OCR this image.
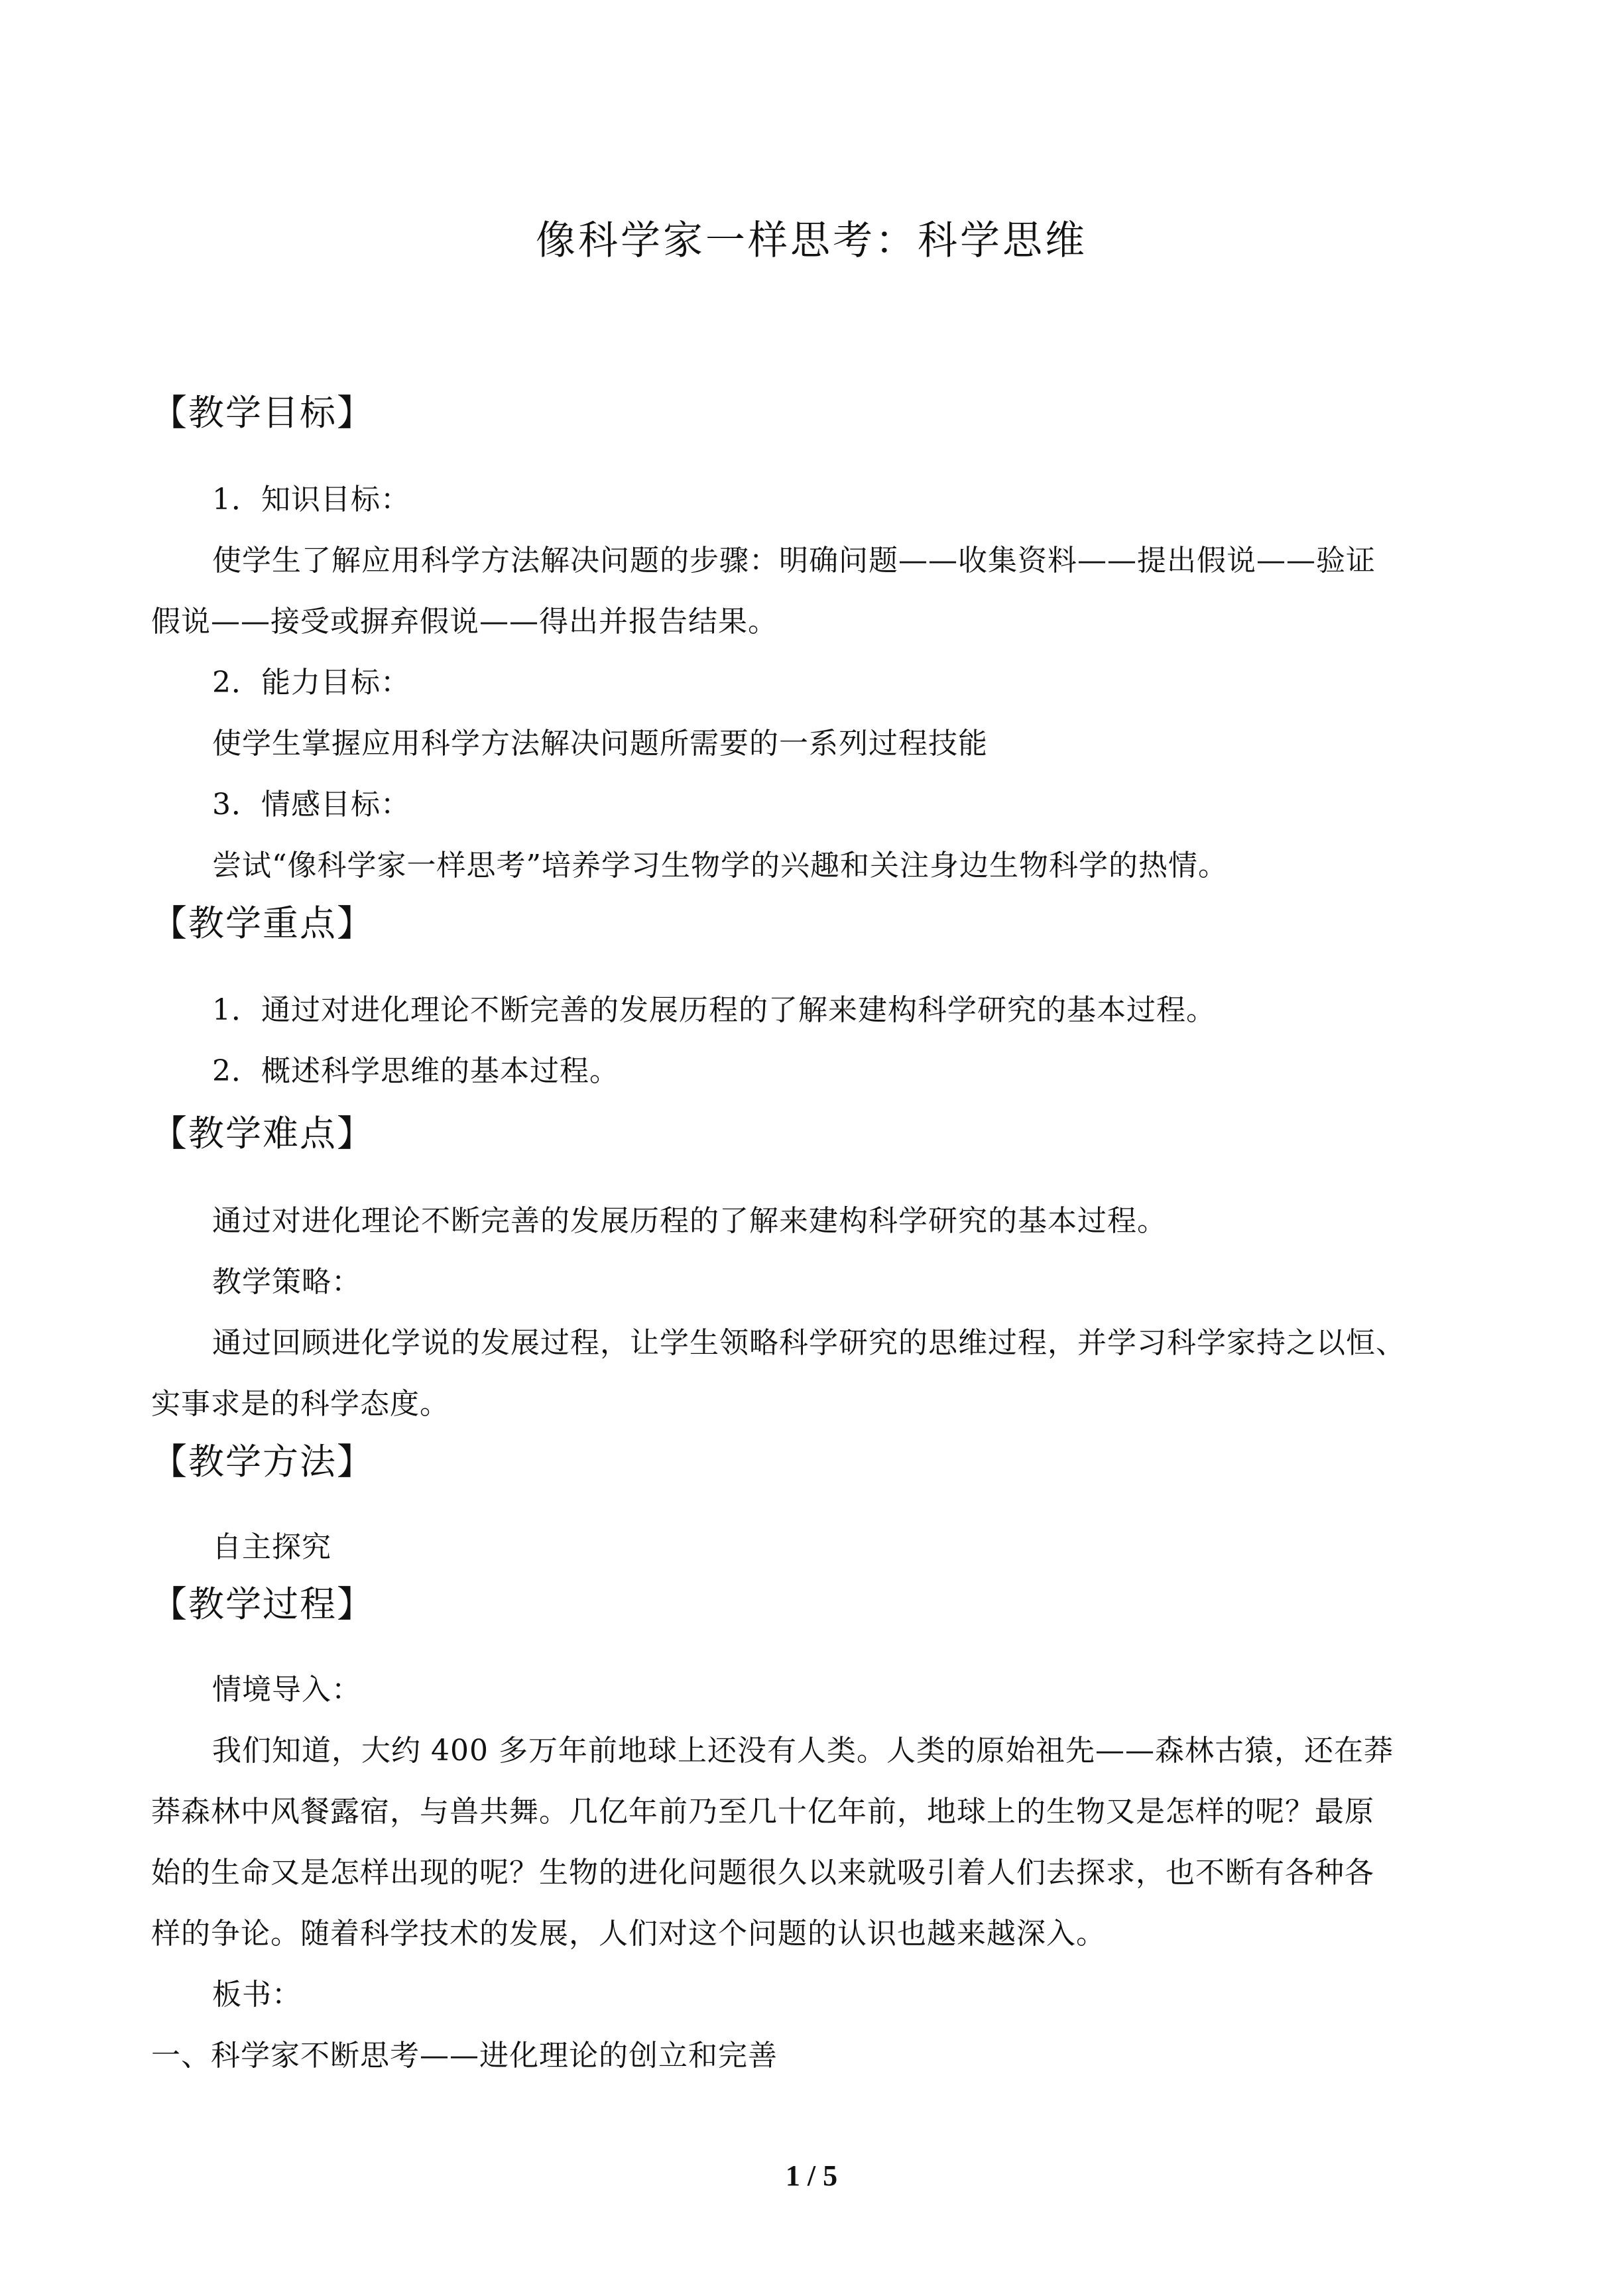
像科学家一样思考：科学思维
【教学目标】
1．知识目标：
使学生了解应用科学方法解决问题的步骤：明确问题——收集资料——提出假说——验证
假说——接受或摒弃假说——得出并报告结果。
2．能力目标：
使学生掌握应用科学方法解决问题所需要的一系列过程技能
3．情感目标：
尝试“像科学家一样思考”培养学习生物学的兴趣和关注身边生物科学的热情。
【教学重点】
1．通过对进化理论不断完善的发展历程的了解来建构科学研究的基本过程。
2．概述科学思维的基本过程。
【教学难点】
通过对进化理论不断完善的发展历程的了解来建构科学研究的基本过程。
教学策略：
通过回顾进化学说的发展过程，让学生领略科学研究的思维过程，并学习科学家持之以恒、
实事求是的科学态度。
【教学方法】
自主探究
【教学过程】
情境导入：
我们知道，大约 400 多万年前地球上还没有人类。人类的原始祖先——森林古猿，还在莽
莽森林中风餐露宿，与兽共舞。几亿年前乃至几十亿年前，地球上的生物又是怎样的呢？最原
始的生命又是怎样出现的呢？生物的进化问题很久以来就吸引着人们去探求，也不断有各种各
样的争论。随着科学技术的发展，人们对这个问题的认识也越来越深入。
板书：
一、科学家不断思考——进化理论的创立和完善
1 / 5
